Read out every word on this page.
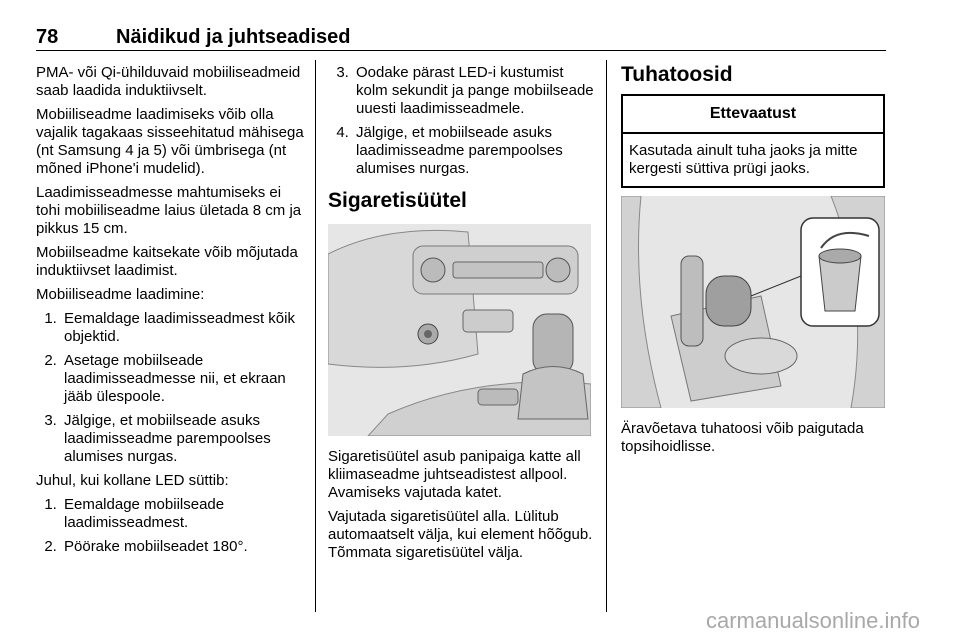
78	Näidikud ja juhtseadised

PMA- või Qi-ühilduvaid mobiiliseadmeid saab laadida induktiivselt.

Mobiiliseadme laadimiseks võib olla vajalik tagakaas sisseehitatud mähisega (nt Samsung 4 ja 5) või ümbrisega (nt mõned iPhone'i mudelid).

Laadimisseadmesse mahtumiseks ei tohi mobiiliseadme laius ületada 8 cm ja pikkus 15 cm.

Mobiilseadme kaitsekate võib mõjutada induktiivset laadimist.

Mobiiliseadme laadimine:

1. Eemaldage laadimisseadmest kõik objektid.
2. Asetage mobiilseade laadimisseadmesse nii, et ekraan jääb ülespoole.
3. Jälgige, et mobiilseade asuks laadimisseadme parempoolses alumises nurgas.

Juhul, kui kollane LED süttib:

1. Eemaldage mobiilseade laadimisseadmest.
2. Pöörake mobiilseadet 180°.
3. Oodake pärast LED-i kustumist kolm sekundit ja pange mobiilseade uuesti laadimisseadmele.
4. Jälgige, et mobiilseade asuks laadimisseadme parempoolses alumises nurgas.
Sigaretisüütel

Sigaretisüütel asub panipaiga katte all kliimaseadme juhtseadistest allpool. Avamiseks vajutada katet.

Vajutada sigaretisüütel alla. Lülitub automaatselt välja, kui element hõõgub. Tõmmata sigaretisüütel välja.

Tuhatoosid
Ettevaatust
Kasutada ainult tuha jaoks ja mitte kergesti süttiva prügi jaoks.

Äravõetava tuhatoosi võib paigutada topsihoidlisse.

carmanualsonline.info
